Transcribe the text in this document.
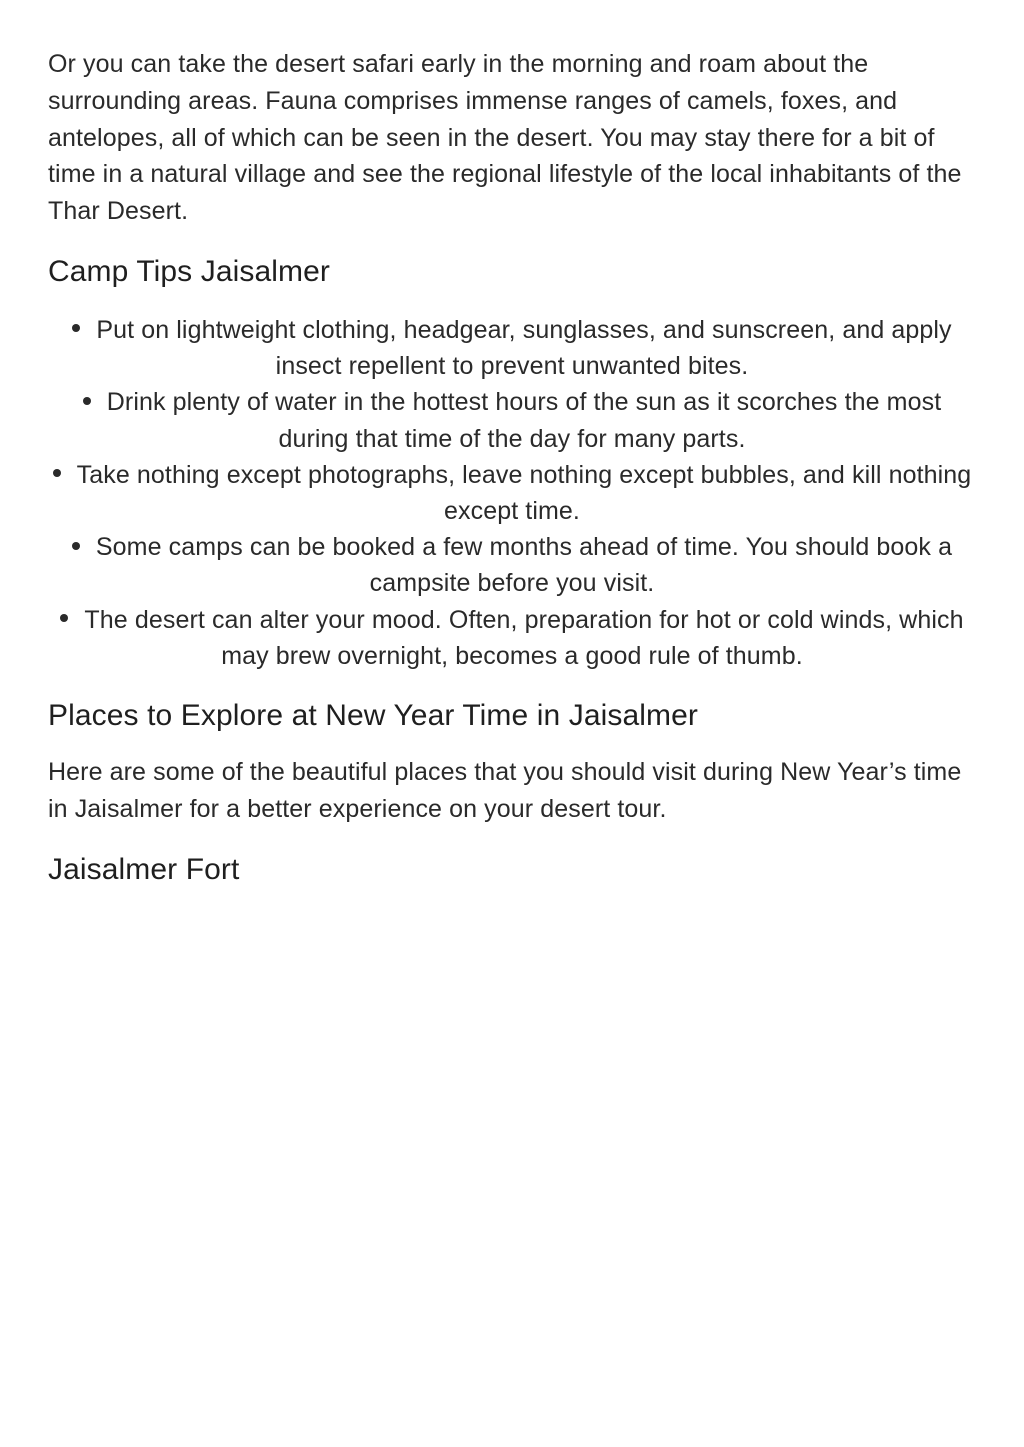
Or you can take the desert safari early in the morning and roam about the surrounding areas. Fauna comprises immense ranges of camels, foxes, and antelopes, all of which can be seen in the desert. You may stay there for a bit of time in a natural village and see the regional lifestyle of the local inhabitants of the Thar Desert.

Camp Tips Jaisalmer
Put on lightweight clothing, headgear, sunglasses, and sunscreen, and apply insect repellent to prevent unwanted bites.
Drink plenty of water in the hottest hours of the sun as it scorches the most during that time of the day for many parts.
Take nothing except photographs, leave nothing except bubbles, and kill nothing except time.
Some camps can be booked a few months ahead of time. You should book a campsite before you visit.
The desert can alter your mood. Often, preparation for hot or cold winds, which may brew overnight, becomes a good rule of thumb.
Places to Explore at New Year Time in Jaisalmer

Here are some of the beautiful places that you should visit during New Year’s time in Jaisalmer for a better experience on your desert tour.

Jaisalmer Fort
